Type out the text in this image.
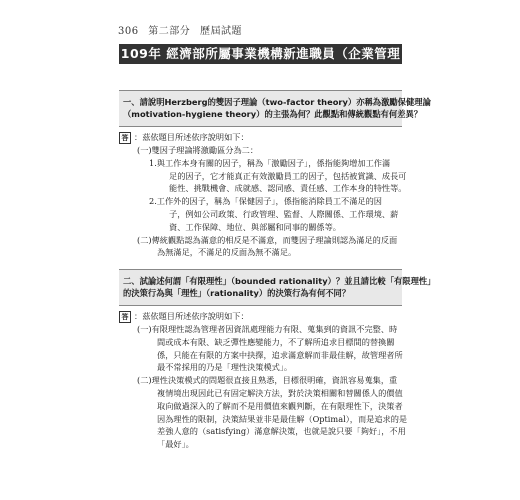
306 第二部分 歷屆試題
109年 經濟部所屬事業機構新進職員（企業管理概要）
一、請說明Herzberg的雙因子理論（two-factor theory）亦稱為激勵保健理論
（motivation-hygiene theory）的主張為何？此觀點和傳統觀點有何差異？
答 ：茲依題目所述依序說明如下：
(一)雙因子理論將激勵區分為二：
1.與工作本身有關的因子，稱為「激勵因子」，係指能夠增加工作滿
足的因子，它才能真正有效激勵員工的因子，包括被賞識、成長可
能性、挑戰機會、成就感、認同感、責任感、工作本身的特性等。
2.工作外的因子，稱為「保健因子」，係指能消除員工不滿足的因
子，例如公司政策、行政管理、監督、人際關係、工作環境、薪
資、工作保障、地位、與部屬和同事的關係等。
(二)傳統觀點認為滿意的相反是不滿意，而雙因子理論則認為滿足的反面
為無滿足，不滿足的反面為無不滿足。
二、試論述何謂「有限理性」（bounded rationality）？並且請比較「有限理性」
的決策行為與「理性」（rationality）的決策行為有何不同？
答 ：茲依題目所述依序說明如下：
(一)有限理性認為管理者因資訊處理能力有限、蒐集到的資訊不完整、時
間或成本有限、缺乏彈性應變能力，不了解所追求目標間的替換關
係，只能在有限的方案中抉擇，追求滿意解而非最佳解，故管理者所
最不常採用的乃是「理性決策模式」。
(二)理性決策模式的問題很直接且熟悉，目標很明確，資訊容易蒐集，重
複情境出現因此已有固定解決方法，對於決策相關和替關係人的價值
取向做過深入的了解而不是用價值來觀判斷，在有限理性下，決策者
因為理性的限制，決策結果並非是最佳解（Optimal），而是追求的是
差強人意的（satisfying）滿意解決策，也就是說只要「夠好」，不用
「最好」。
